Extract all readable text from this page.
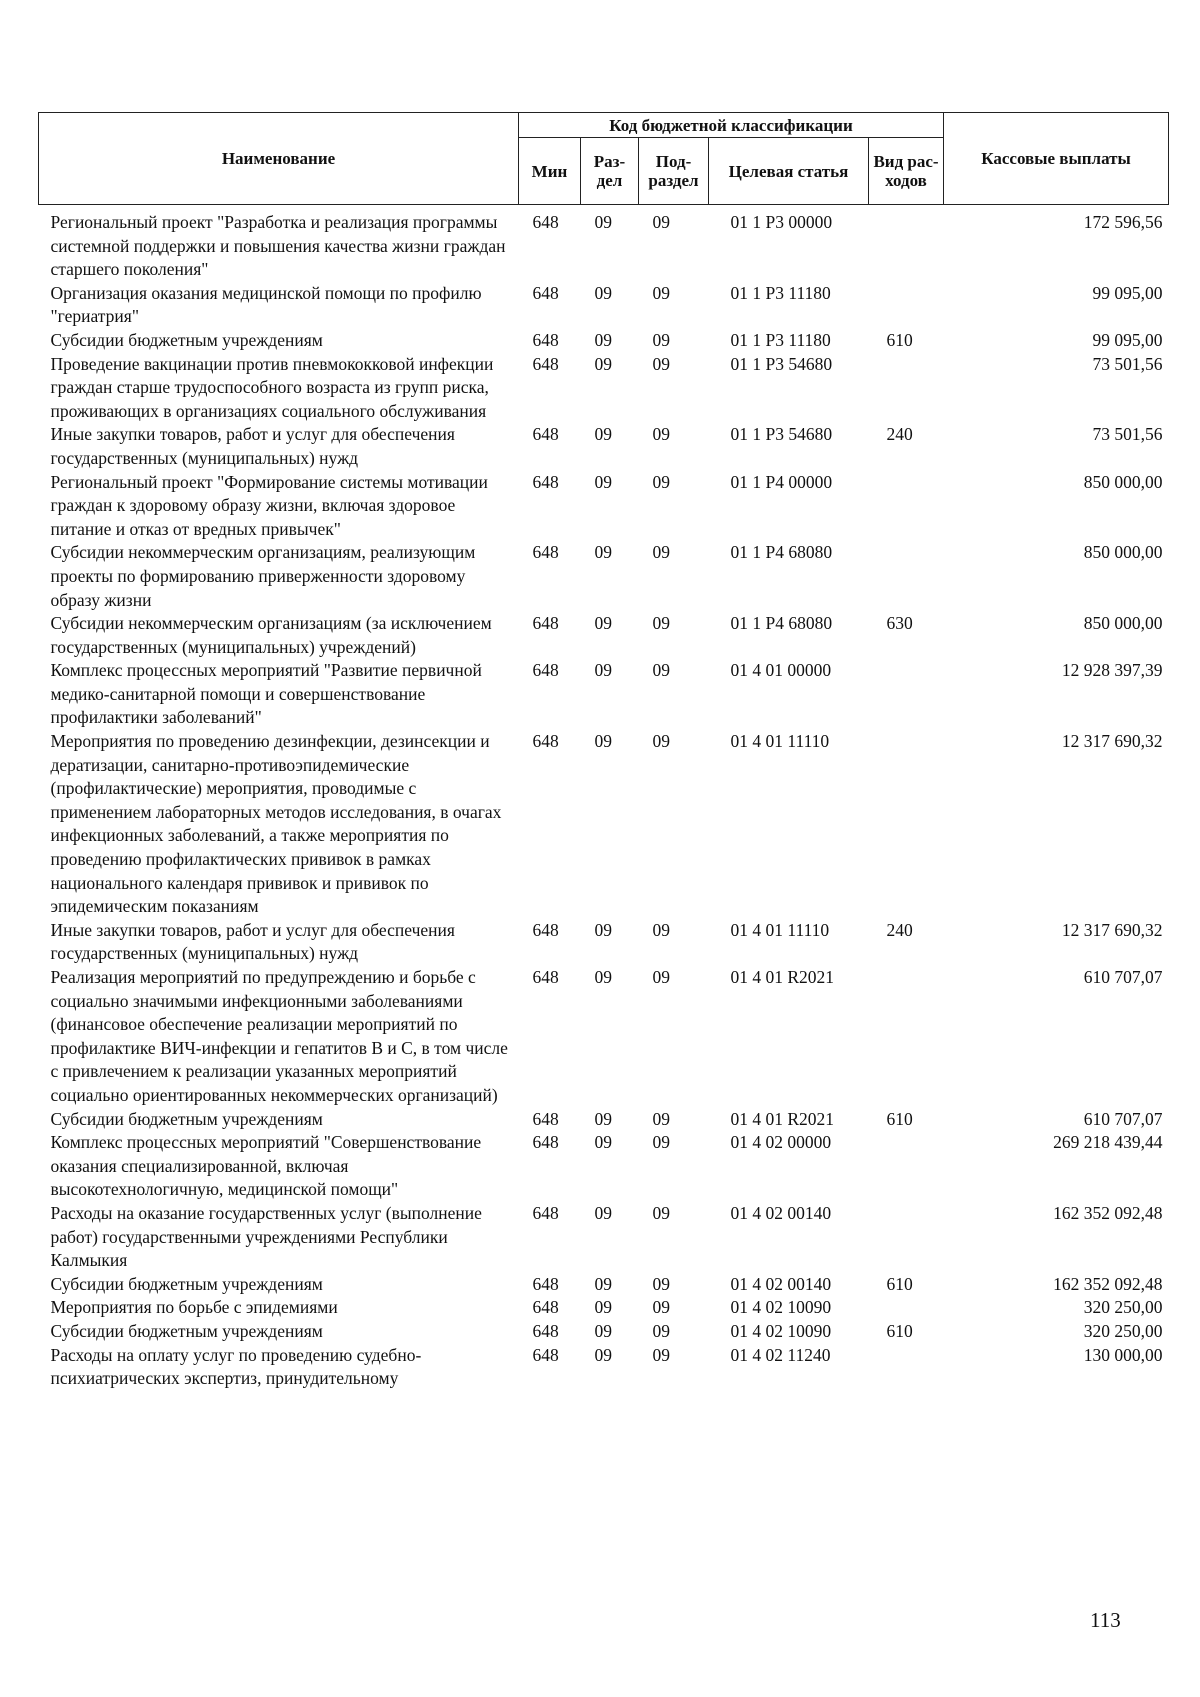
Наименование	Код бюджетной классификации					Кассовые выплаты
	Мин	Раз-дел	Под-раздел	Целевая статья	Вид рас-ходов	

Региональный проект "Разработка и реализация программы системной поддержки и повышения качества жизни граждан старшего поколения"	648	09	09	01 1 Р3 00000		172 596,56
Организация оказания медицинской помощи по профилю "гериатрия"	648	09	09	01 1 Р3 11180		99 095,00
Субсидии бюджетным учреждениям	648	09	09	01 1 Р3 11180	610	99 095,00
Проведение вакцинации против пневмококковой инфекции граждан старше трудоспособного возраста из групп риска, проживающих в организациях социального обслуживания	648	09	09	01 1 Р3 54680		73 501,56
Иные закупки товаров, работ и услуг для обеспечения государственных (муниципальных) нужд	648	09	09	01 1 Р3 54680	240	73 501,56
Региональный проект "Формирование системы мотивации граждан к здоровому образу жизни, включая здоровое питание и отказ от вредных привычек"	648	09	09	01 1 Р4 00000		850 000,00
Субсидии некоммерческим организациям, реализующим проекты по формированию приверженности здоровому образу жизни	648	09	09	01 1 Р4 68080		850 000,00
Субсидии некоммерческим организациям (за исключением государственных (муниципальных) учреждений)	648	09	09	01 1 Р4 68080	630	850 000,00
Комплекс процессных мероприятий "Развитие первичной медико-санитарной помощи и совершенствование профилактики заболеваний"	648	09	09	01 4 01 00000		12 928 397,39
Мероприятия по проведению дезинфекции, дезинсекции и дератизации, санитарно-противоэпидемические (профилактические) мероприятия, проводимые с применением лабораторных методов исследования, в очагах инфекционных заболеваний, а также мероприятия по проведению профилактических прививок в рамках национального календаря прививок и прививок по эпидемическим показаниям	648	09	09	01 4 01 11110		12 317 690,32
Иные закупки товаров, работ и услуг для обеспечения государственных (муниципальных) нужд	648	09	09	01 4 01 11110	240	12 317 690,32
Реализация мероприятий по предупреждению и борьбе с социально значимыми инфекционными заболеваниями (финансовое обеспечение реализации мероприятий по профилактике ВИЧ-инфекции и гепатитов В и С, в том числе с привлечением к реализации указанных мероприятий социально ориентированных некоммерческих организаций)	648	09	09	01 4 01 R2021		610 707,07
Субсидии бюджетным учреждениям	648	09	09	01 4 01 R2021	610	610 707,07
Комплекс процессных мероприятий "Совершенствование оказания специализированной, включая высокотехнологичную, медицинской помощи"	648	09	09	01 4 02 00000		269 218 439,44
Расходы на оказание государственных услуг (выполнение работ) государственными учреждениями Республики Калмыкия	648	09	09	01 4 02 00140		162 352 092,48
Субсидии бюджетным учреждениям	648	09	09	01 4 02 00140	610	162 352 092,48
Мероприятия по борьбе с эпидемиями	648	09	09	01 4 02 10090		320 250,00
Субсидии бюджетным учреждениям	648	09	09	01 4 02 10090	610	320 250,00
Расходы на оплату услуг по проведению судебно-психиатрических экспертиз, принудительному	648	09	09	01 4 02 11240		130 000,00
113
